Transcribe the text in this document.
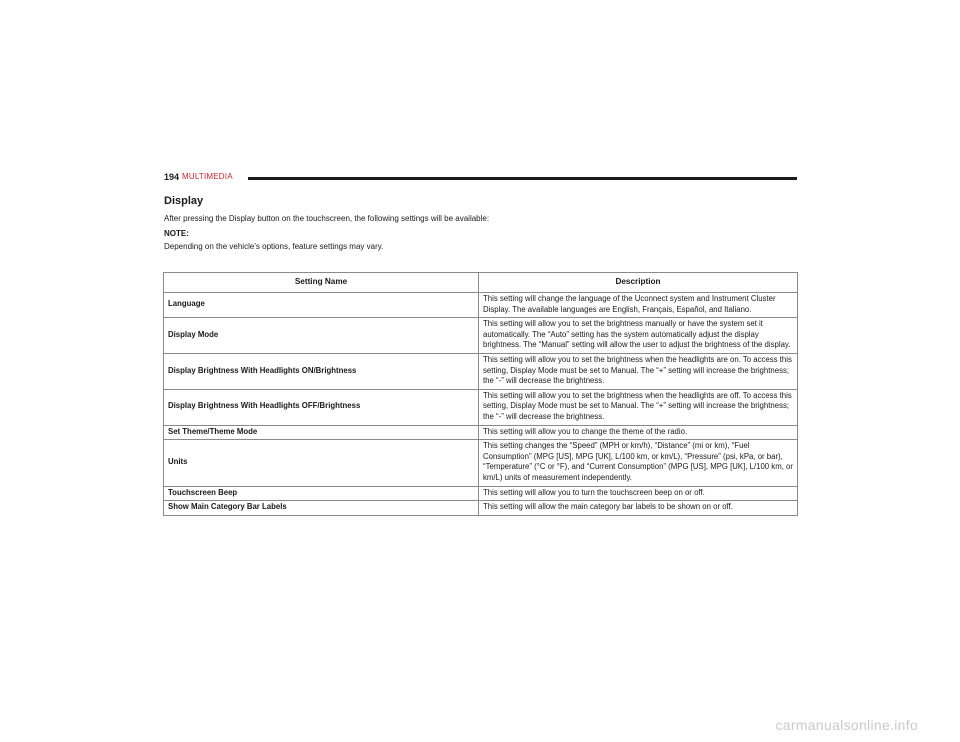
194 MULTIMEDIA
Display
After pressing the Display button on the touchscreen, the following settings will be available:
NOTE:
Depending on the vehicle’s options, feature settings may vary.
Setting Name	Description
Language	This setting will change the language of the Uconnect system and Instrument Cluster Display. The available languages are English, Français, Español, and Italiano.
Display Mode	This setting will allow you to set the brightness manually or have the system set it automatically. The “Auto” setting has the system automatically adjust the display brightness. The “Manual” setting will allow the user to adjust the brightness of the display.
Display Brightness With Headlights ON/Brightness	This setting will allow you to set the brightness when the headlights are on. To access this setting, Display Mode must be set to Manual. The “+” setting will increase the brightness; the “-” will decrease the brightness.
Display Brightness With Headlights OFF/Brightness	This setting will allow you to set the brightness when the headlights are off. To access this setting, Display Mode must be set to Manual. The “+” setting will increase the brightness; the “-” will decrease the brightness.
Set Theme/Theme Mode	This setting will allow you to change the theme of the radio.
Units	This setting changes the “Speed” (MPH or km/h), “Distance” (mi or km), “Fuel Consumption” (MPG [US], MPG [UK], L/100 km, or km/L), “Pressure” (psi, kPa, or bar), “Temperature” (°C or °F), and “Current Consumption” (MPG [US], MPG [UK], L/100 km, or km/L) units of measurement independently.
Touchscreen Beep	This setting will allow you to turn the touchscreen beep on or off.
Show Main Category Bar Labels	This setting will allow the main category bar labels to be shown on or off.
carmanualsonline.info
